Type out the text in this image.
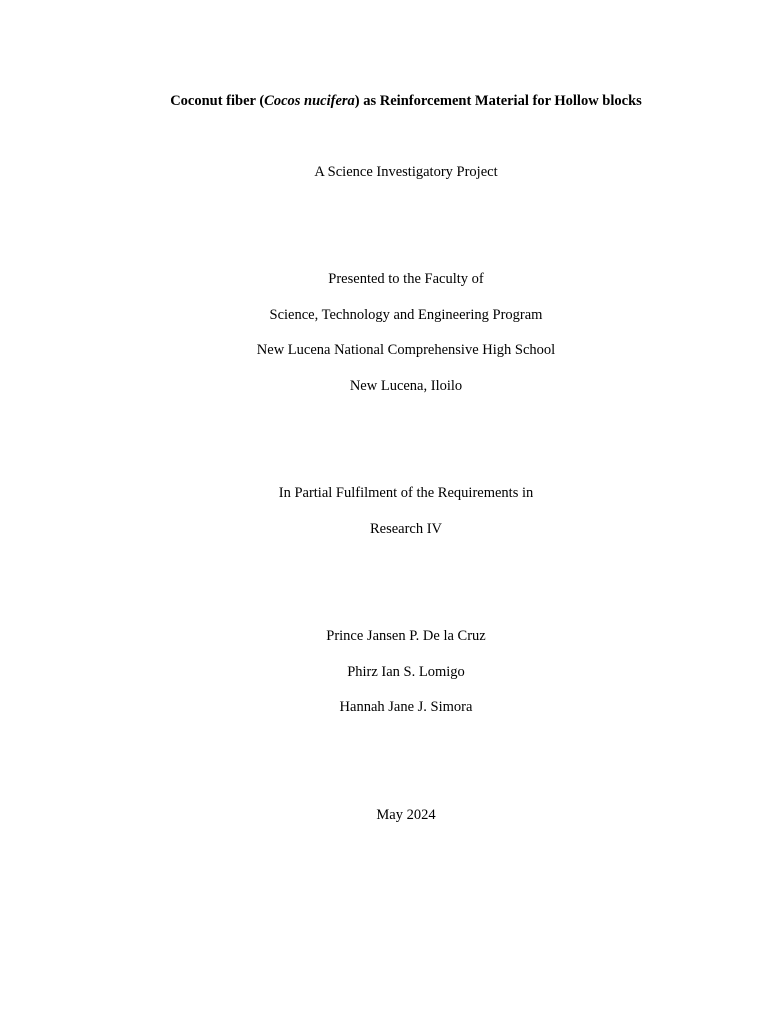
Coconut fiber (Cocos nucifera) as Reinforcement Material for Hollow blocks
A Science Investigatory Project
Presented to the Faculty of
Science, Technology and Engineering Program
New Lucena National Comprehensive High School
New Lucena, Iloilo
In Partial Fulfilment of the Requirements in
Research IV
Prince Jansen P. De la Cruz
Phirz Ian S. Lomigo
Hannah Jane J. Simora
May 2024
